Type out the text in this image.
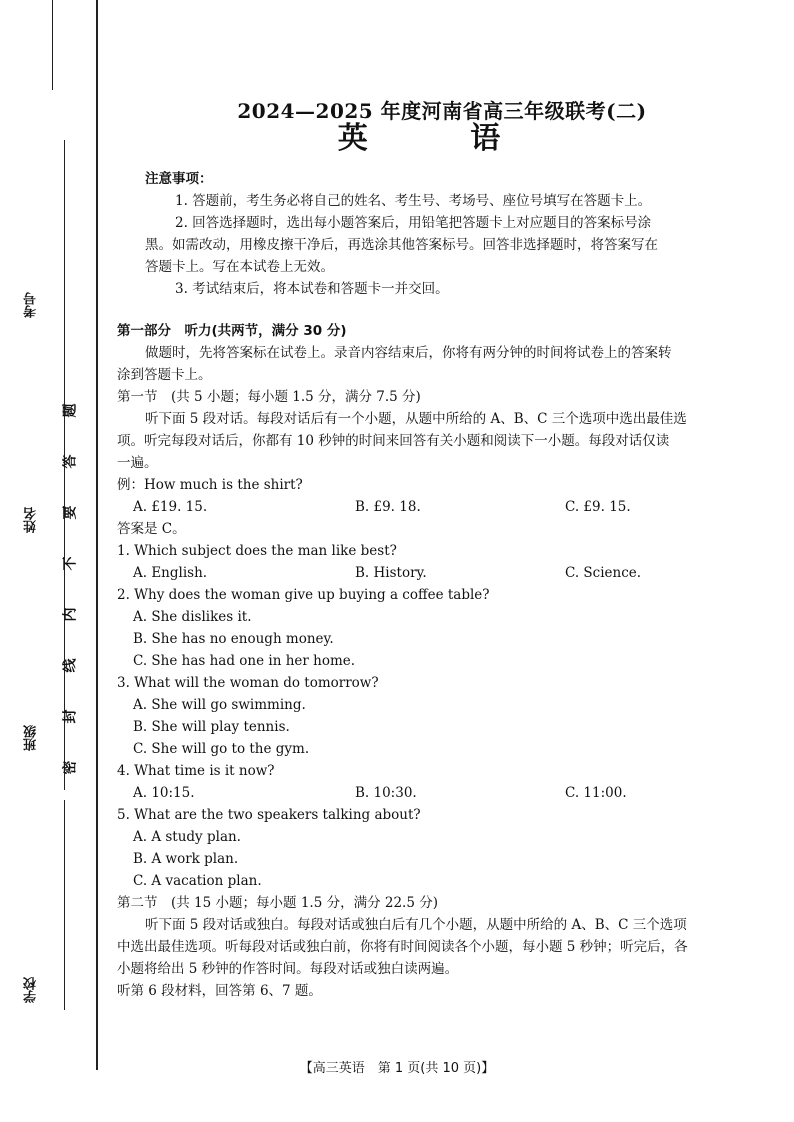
考号
姓名
班级
学校
题
答
要
不
内
线
封
密
2024—2025 年度河南省高三年级联考(二)
英 语
注意事项：
1. 答题前，考生务必将自己的姓名、考生号、考场号、座位号填写在答题卡上。
2. 回答选择题时，选出每小题答案后，用铅笔把答题卡上对应题目的答案标号涂
黑。如需改动，用橡皮擦干净后，再选涂其他答案标号。回答非选择题时，将答案写在
答题卡上。写在本试卷上无效。
3. 考试结束后，将本试卷和答题卡一并交回。
第一部分　听力(共两节，满分 30 分)
做题时，先将答案标在试卷上。录音内容结束后，你将有两分钟的时间将试卷上的答案转
涂到答题卡上。
第一节　(共 5 小题；每小题 1.5 分，满分 7.5 分)
听下面 5 段对话。每段对话后有一个小题，从题中所给的 A、B、C 三个选项中选出最佳选
项。听完每段对话后，你都有 10 秒钟的时间来回答有关小题和阅读下一小题。每段对话仅读
一遍。
例：How much is the shirt?
A. £19. 15.	B. £9. 18.	C. £9. 15.
答案是 C。
1. Which subject does the man like best?
A. English.	B. History.	C. Science.
2. Why does the woman give up buying a coffee table?
A. She dislikes it.
B. She has no enough money.
C. She has had one in her home.
3. What will the woman do tomorrow?
A. She will go swimming.
B. She will play tennis.
C. She will go to the gym.
4. What time is it now?
A. 10:15.	B. 10:30.	C. 11:00.
5. What are the two speakers talking about?
A. A study plan.
B. A work plan.
C. A vacation plan.
第二节　(共 15 小题；每小题 1.5 分，满分 22.5 分)
听下面 5 段对话或独白。每段对话或独白后有几个小题，从题中所给的 A、B、C 三个选项
中选出最佳选项。听每段对话或独白前，你将有时间阅读各个小题，每小题 5 秒钟；听完后，各
小题将给出 5 秒钟的作答时间。每段对话或独白读两遍。
听第 6 段材料，回答第 6、7 题。
【高三英语　第 1 页(共 10 页)】
